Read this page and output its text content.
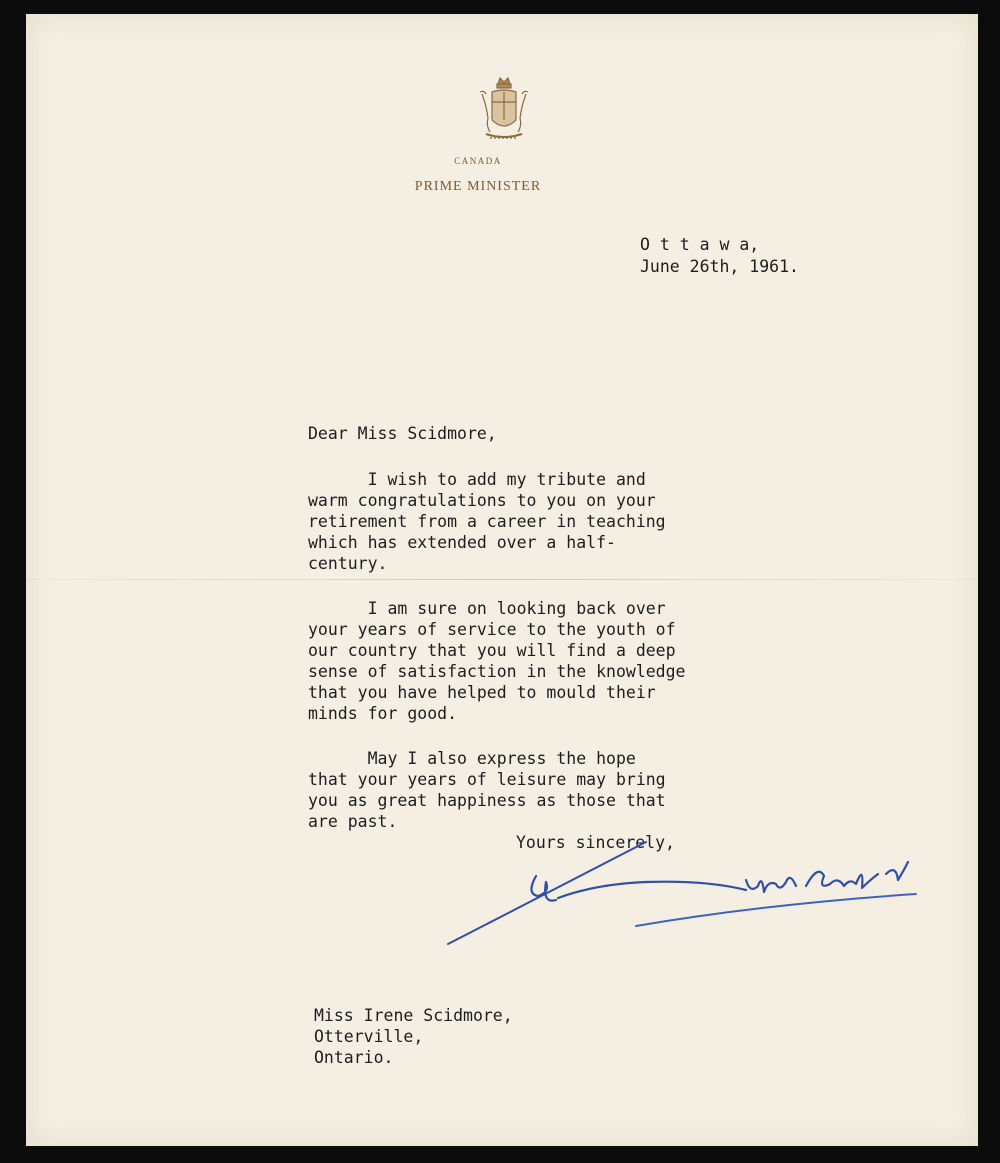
CANADA
PRIME MINISTER
O t t a w a,
June 26th, 1961.
Dear Miss Scidmore,
I wish to add my tribute and
warm congratulations to you on your
retirement from a career in teaching
which has extended over a half-
century.
I am sure on looking back over
your years of service to the youth of
our country that you will find a deep
sense of satisfaction in the knowledge
that you have helped to mould their
minds for good.
May I also express the hope
that your years of leisure may bring
you as great happiness as those that
are past.
Yours sincerely,
Miss Irene Scidmore,
Otterville,
Ontario.
